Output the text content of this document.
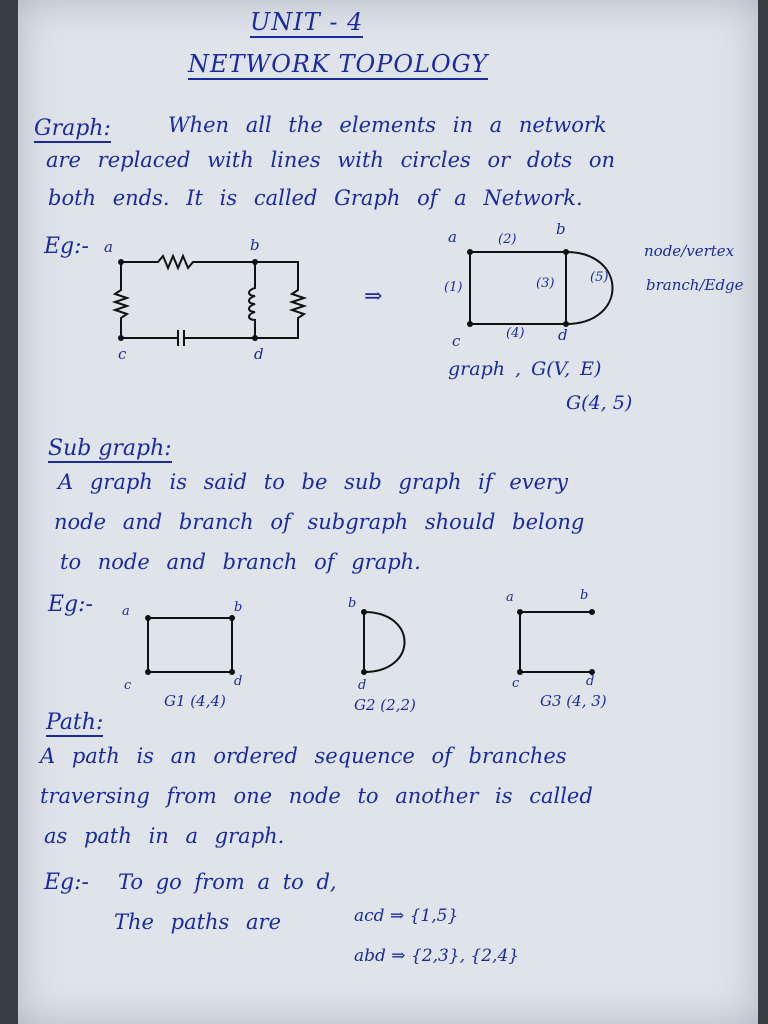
UNIT - 4
NETWORK TOPOLOGY
Graph:	When all the elements in a network
are replaced with lines with circles or dots on
both ends. It is called Graph of a Network.
Eg:- a	b
c	d
⇒
a	b
c	d
(1)
(2)
(3)	(5)
(4)
node/vertex
branch/Edge
graph , G(V, E)
G(4, 5)
Sub graph:
A graph is said to be sub graph if every
node and branch of subgraph should belong
to node and branch of graph.
Eg:- a	b
c	d
G1 (4,4)
b
d
G2 (2,2)
a	b
c	d
G3 (4, 3)
Path:
A path is an ordered sequence of branches
traversing from one node to another is called
as path in a graph.
Eg:- To go from a to d,
The paths are	acd ⇒ {1,5}
abd ⇒ {2,3}, {2,4}
